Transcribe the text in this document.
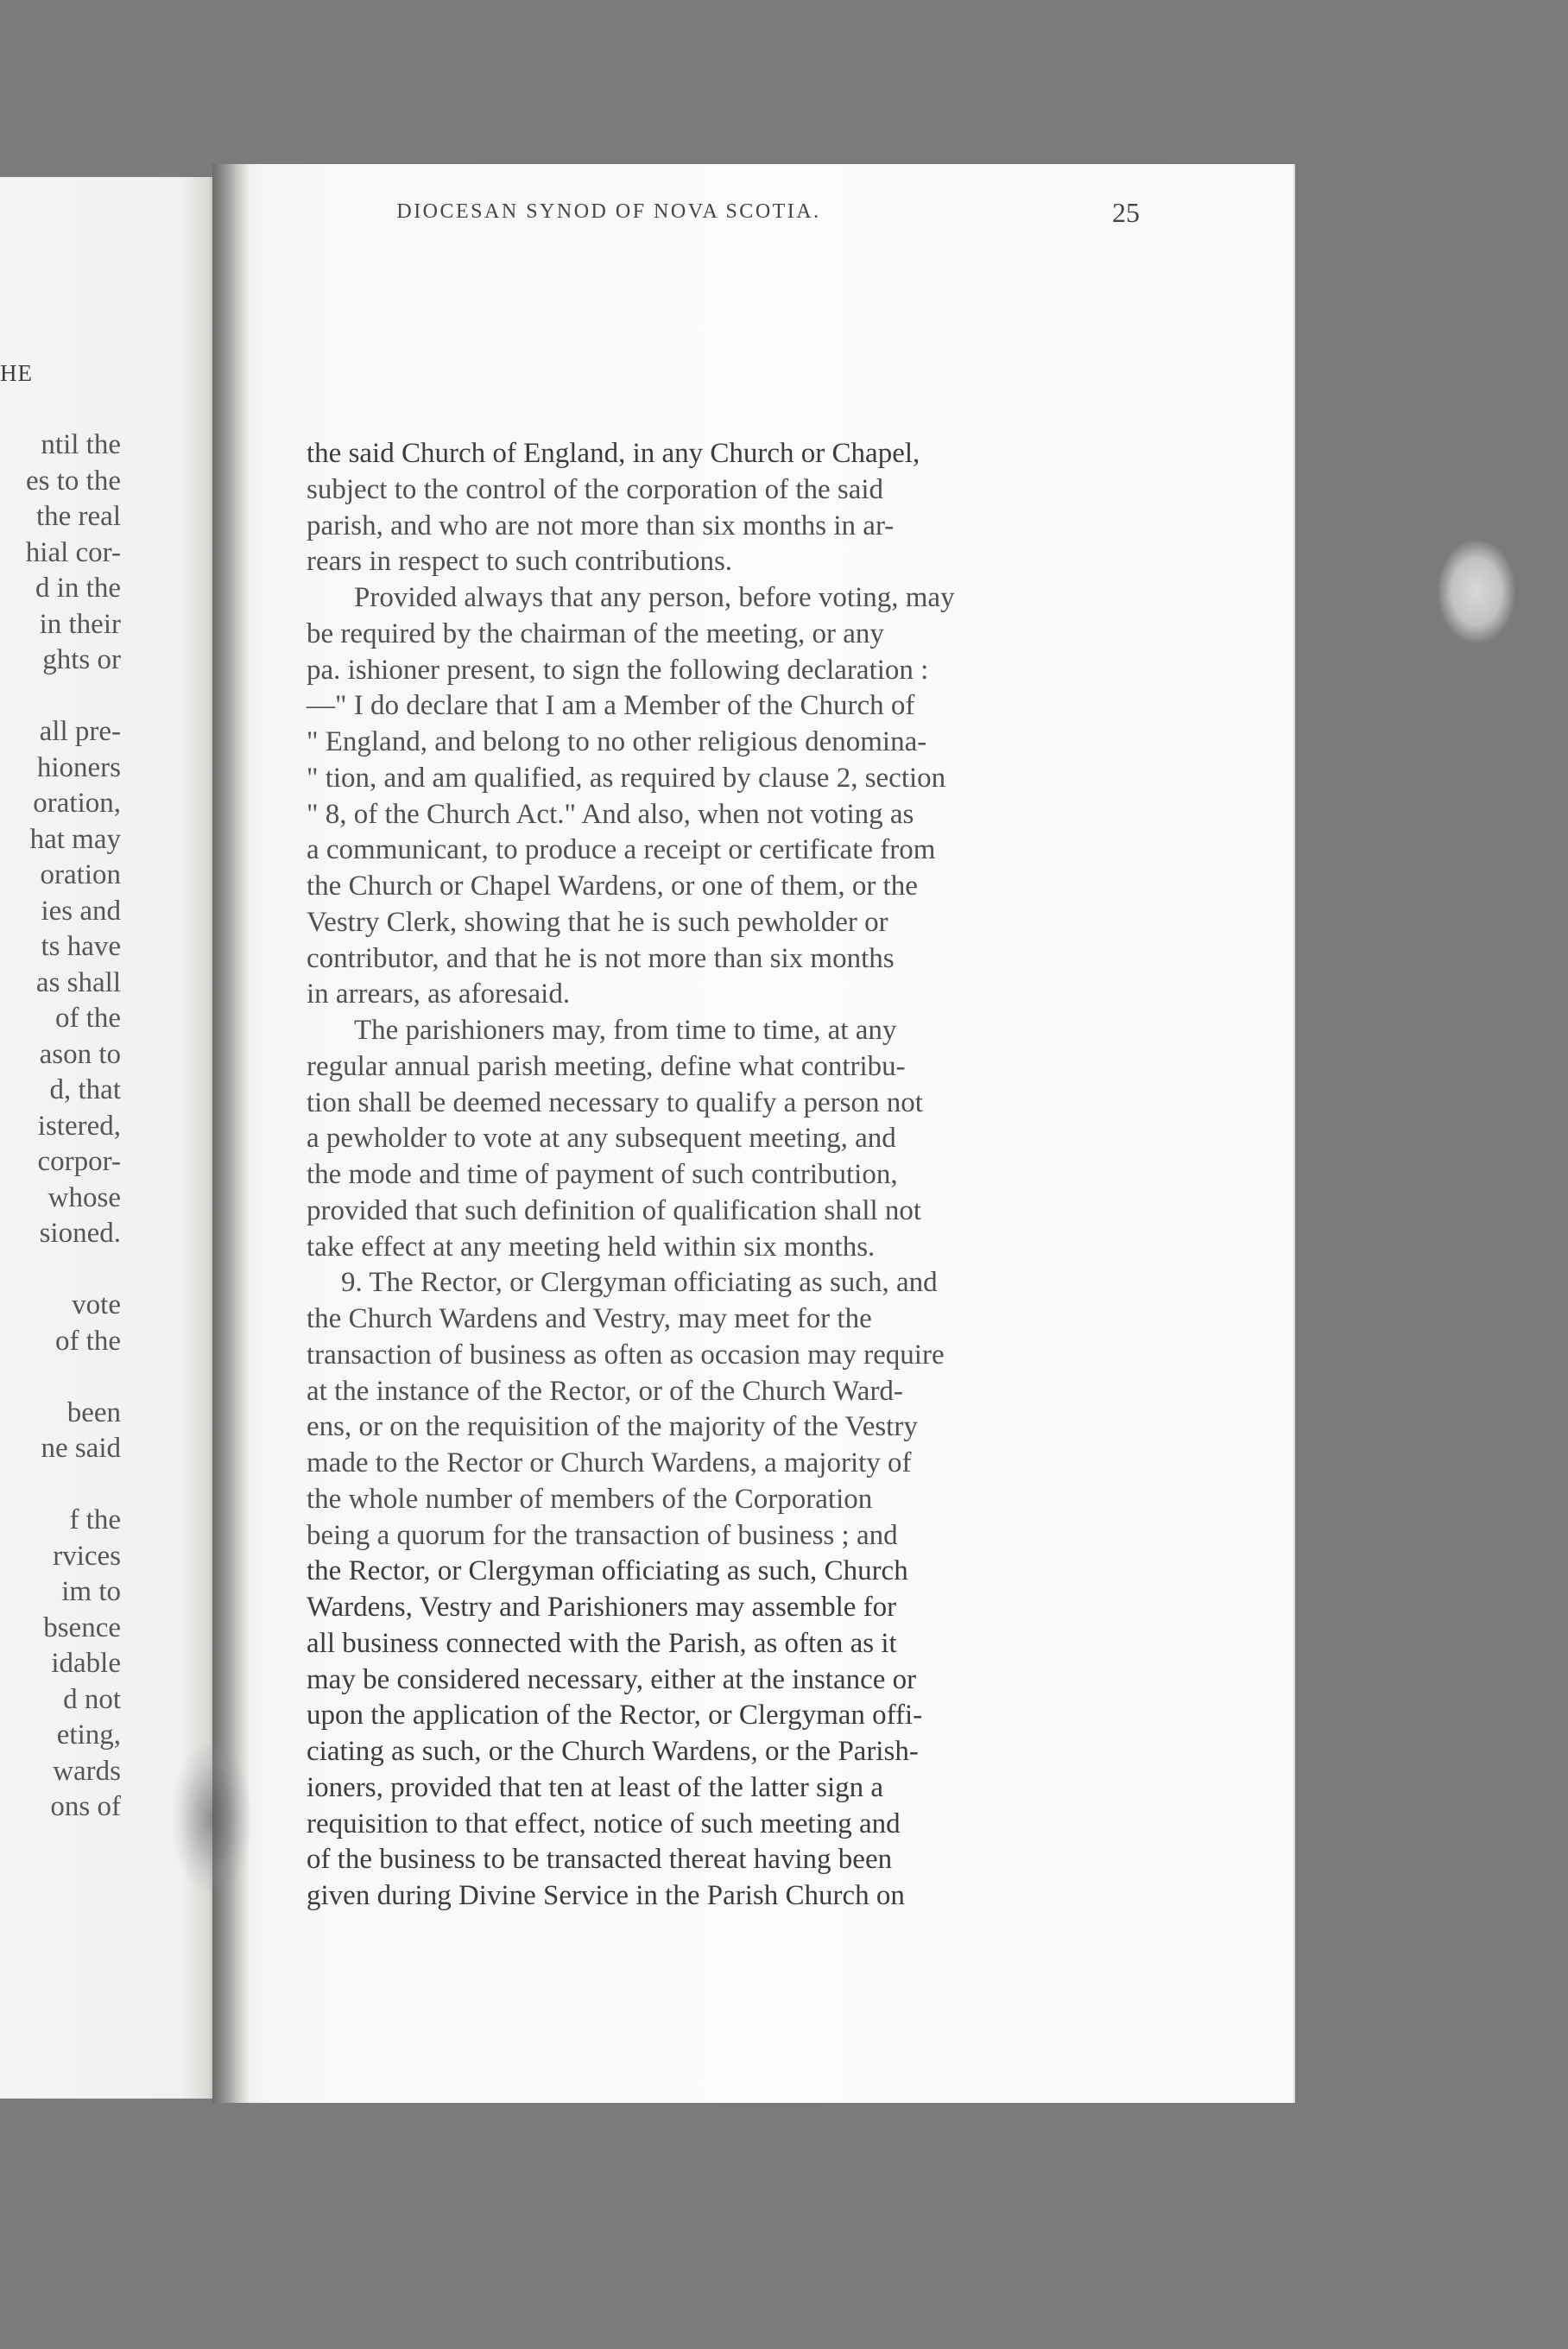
HE
ntil the
es to the
the real
hial cor-
d in the
in their
ghts or

all pre-
hioners
oration,
hat may
oration
ies and
ts have
as shall
of the
ason to
d, that
istered,
corpor-
whose
sioned.

vote
of the

been
ne said

f the
rvices
im to
bsence
idable
d not
eting,
wards
ons of
DIOCESAN SYNOD OF NOVA SCOTIA.	25
the said Church of England, in any Church or Chapel,
subject to the control of the corporation of the said
parish, and who are not more than six months in ar-
rears in respect to such contributions.
Provided always that any person, before voting, may
be required by the chairman of the meeting, or any
pa. ishioner present, to sign the following declaration :
—" I do declare that I am a Member of the Church of
" England, and belong to no other religious denomina-
" tion, and am qualified, as required by clause 2, section
" 8, of the Church Act." And also, when not voting as
a communicant, to produce a receipt or certificate from
the Church or Chapel Wardens, or one of them, or the
Vestry Clerk, showing that he is such pewholder or
contributor, and that he is not more than six months
in arrears, as aforesaid.
The parishioners may, from time to time, at any
regular annual parish meeting, define what contribu-
tion shall be deemed necessary to qualify a person not
a pewholder to vote at any subsequent meeting, and
the mode and time of payment of such contribution,
provided that such definition of qualification shall not
take effect at any meeting held within six months.
9. The Rector, or Clergyman officiating as such, and
the Church Wardens and Vestry, may meet for the
transaction of business as often as occasion may require
at the instance of the Rector, or of the Church Ward-
ens, or on the requisition of the majority of the Vestry
made to the Rector or Church Wardens, a majority of
the whole number of members of the Corporation
being a quorum for the transaction of business ; and
the Rector, or Clergyman officiating as such, Church
Wardens, Vestry and Parishioners may assemble for
all business connected with the Parish, as often as it
may be considered necessary, either at the instance or
upon the application of the Rector, or Clergyman offi-
ciating as such, or the Church Wardens, or the Parish-
ioners, provided that ten at least of the latter sign a
requisition to that effect, notice of such meeting and
of the business to be transacted thereat having been
given during Divine Service in the Parish Church on
